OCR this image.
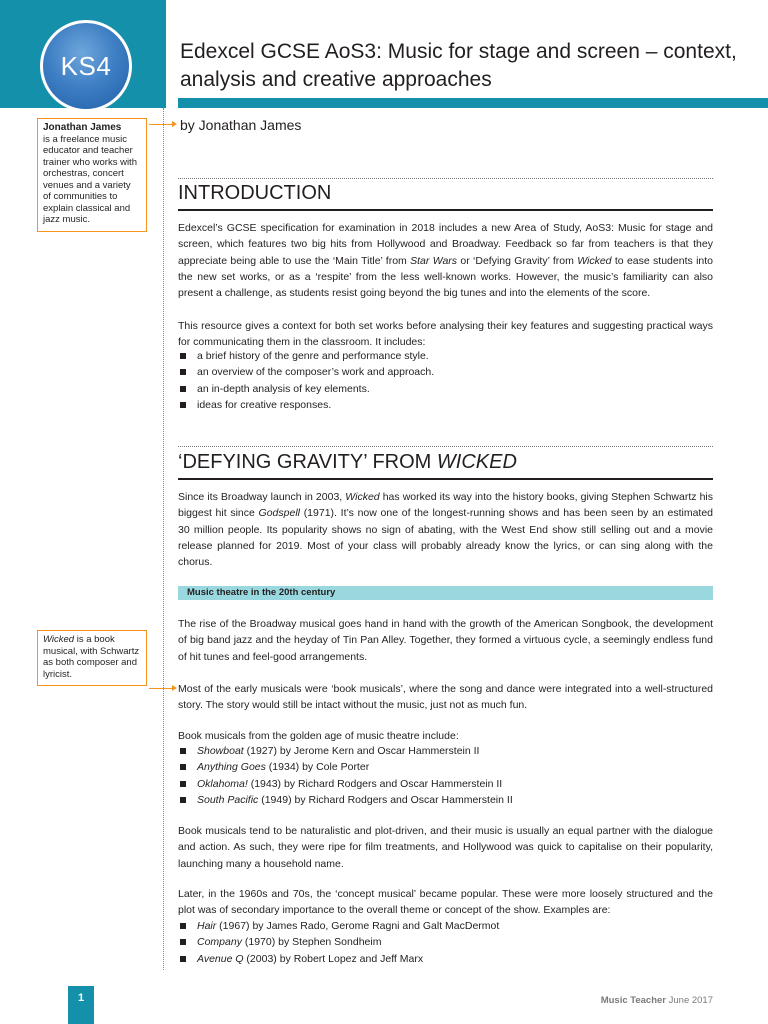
KS4	Edexcel GCSE AoS3: Music for stage and screen – context, analysis and creative approaches
by Jonathan James
Jonathan James
is a freelance music educator and teacher trainer who works with orchestras, concert venues and a variety of communities to explain classical and jazz music.
Wicked is a book musical, with Schwartz as both composer and lyricist.
INTRODUCTION
Edexcel’s GCSE specification for examination in 2018 includes a new Area of Study, AoS3: Music for stage and screen, which features two big hits from Hollywood and Broadway. Feedback so far from teachers is that they appreciate being able to use the ‘Main Title’ from Star Wars or ‘Defying Gravity’ from Wicked to ease students into the new set works, or as a ‘respite’ from the less well-known works. However, the music’s familiarity can also present a challenge, as students resist going beyond the big tunes and into the elements of the score.
This resource gives a context for both set works before analysing their key features and suggesting practical ways for communicating them in the classroom. It includes:
a brief history of the genre and performance style.
an overview of the composer’s work and approach.
an in-depth analysis of key elements.
ideas for creative responses.
‘DEFYING GRAVITY’ FROM WICKED
Since its Broadway launch in 2003, Wicked has worked its way into the history books, giving Stephen Schwartz his biggest hit since Godspell (1971). It’s now one of the longest-running shows and has been seen by an estimated 30 million people. Its popularity shows no sign of abating, with the West End show still selling out and a movie release planned for 2019. Most of your class will probably already know the lyrics, or can sing along with the chorus.
Music theatre in the 20th century
The rise of the Broadway musical goes hand in hand with the growth of the American Songbook, the development of big band jazz and the heyday of Tin Pan Alley. Together, they formed a virtuous cycle, a seemingly endless fund of hit tunes and feel-good arrangements.
Most of the early musicals were ‘book musicals’, where the song and dance were integrated into a well-structured story. The story would still be intact without the music, just not as much fun.
Book musicals from the golden age of music theatre include:
Showboat (1927) by Jerome Kern and Oscar Hammerstein II
Anything Goes (1934) by Cole Porter
Oklahoma! (1943) by Richard Rodgers and Oscar Hammerstein II
South Pacific (1949) by Richard Rodgers and Oscar Hammerstein II
Book musicals tend to be naturalistic and plot-driven, and their music is usually an equal partner with the dialogue and action. As such, they were ripe for film treatments, and Hollywood was quick to capitalise on their popularity, launching many a household name.
Later, in the 1960s and 70s, the ‘concept musical’ became popular. These were more loosely structured and the plot was of secondary importance to the overall theme or concept of the show. Examples are:
Hair (1967) by James Rado, Gerome Ragni and Galt MacDermot
Company (1970) by Stephen Sondheim
Avenue Q (2003) by Robert Lopez and Jeff Marx
1	Music Teacher June 2017
